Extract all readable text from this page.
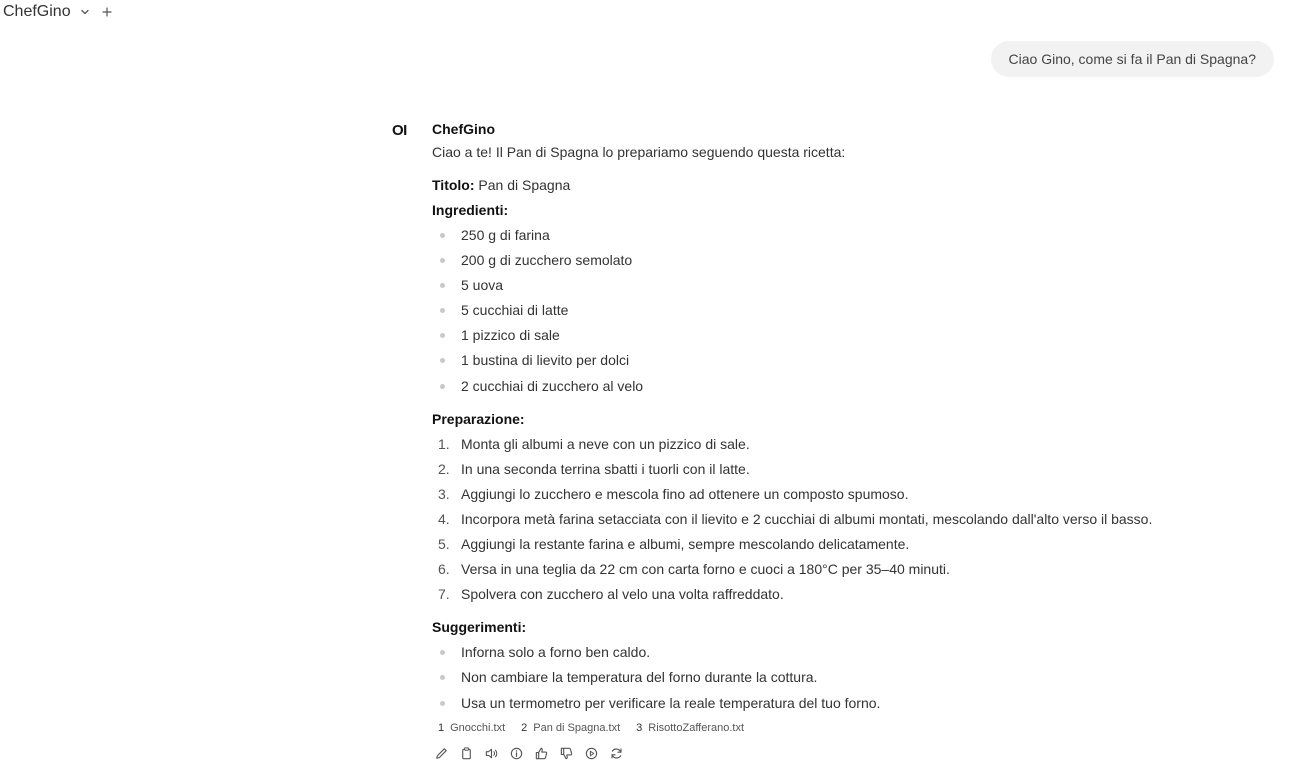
ChefGino
Ciao Gino, come si fa il Pan di Spagna?
OI ChefGino
Ciao a te! Il Pan di Spagna lo prepariamo seguendo questa ricetta:
Titolo: Pan di Spagna
Ingredienti:
250 g di farina
200 g di zucchero semolato
5 uova
5 cucchiai di latte
1 pizzico di sale
1 bustina di lievito per dolci
2 cucchiai di zucchero al velo
Preparazione:
1. Monta gli albumi a neve con un pizzico di sale.
2. In una seconda terrina sbatti i tuorli con il latte.
3. Aggiungi lo zucchero e mescola fino ad ottenere un composto spumoso.
4. Incorpora metà farina setacciata con il lievito e 2 cucchiai di albumi montati, mescolando dall'alto verso il basso.
5. Aggiungi la restante farina e albumi, sempre mescolando delicatamente.
6. Versa in una teglia da 22 cm con carta forno e cuoci a 180°C per 35–40 minuti.
7. Spolvera con zucchero al velo una volta raffreddato.
Suggerimenti:
Inforna solo a forno ben caldo.
Non cambiare la temperatura del forno durante la cottura.
Usa un termometro per verificare la reale temperatura del tuo forno.
1 Gnocchi.txt 2 Pan di Spagna.txt 3 RisottoZafferano.txt
